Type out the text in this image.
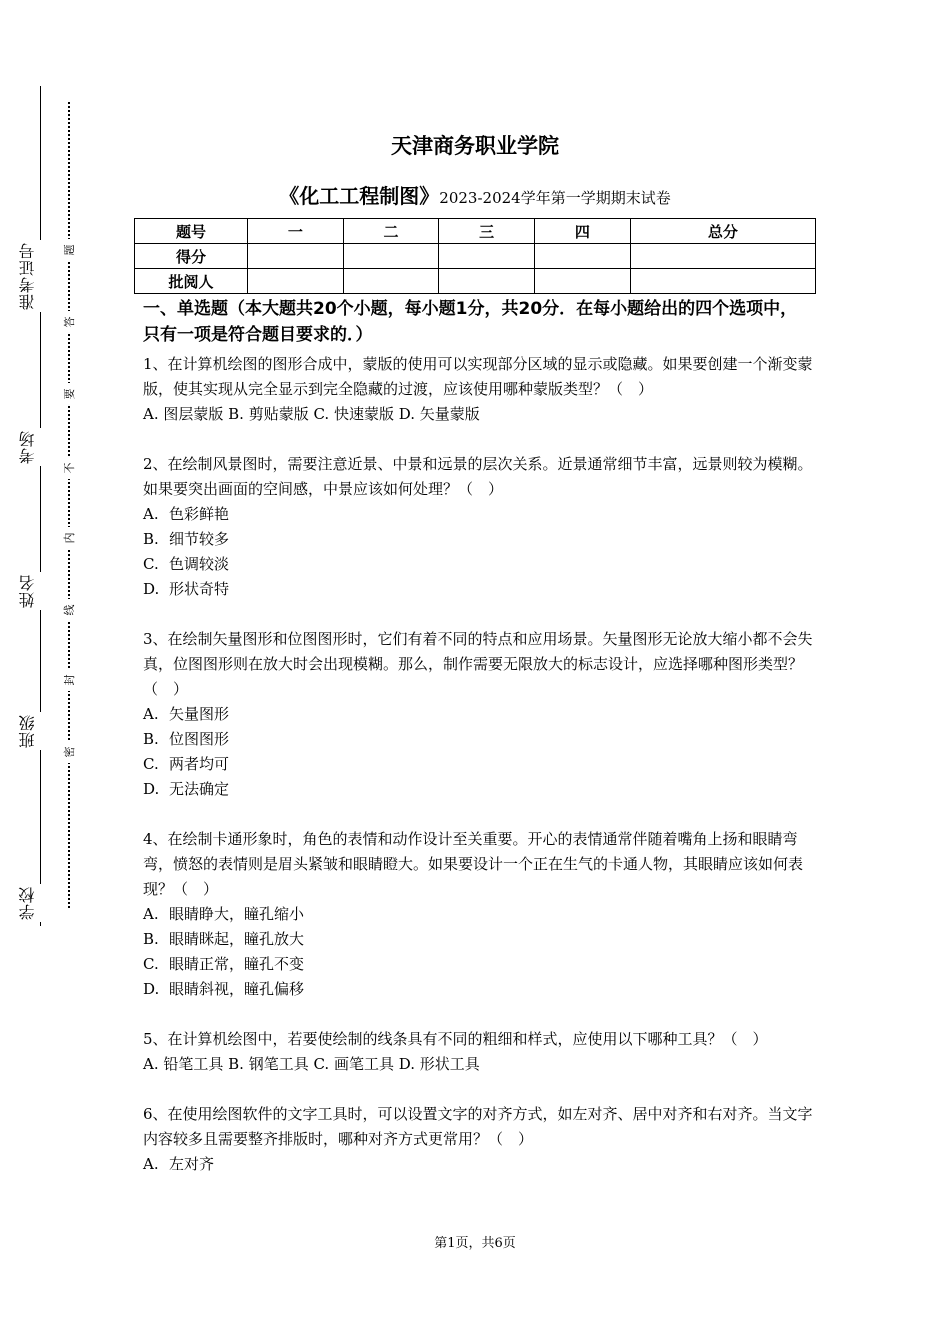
准考证号
考场
姓名
班级
学校
题
答
要
不
内
线
封
密
天津商务职业学院
《化工工程制图》2023-2024学年第一学期期末试卷
题号	一	二	三	四	总分
得分					
批阅人					

一、单选题（本大题共20个小题，每小题1分，共20分．在每小题给出的四个选项中，只有一项是符合题目要求的．）

1、在计算机绘图的图形合成中，蒙版的使用可以实现部分区域的显示或隐藏。如果要创建一个渐变蒙版，使其实现从完全显示到完全隐藏的过渡，应该使用哪种蒙版类型？（　）

A. 图层蒙版 B. 剪贴蒙版 C. 快速蒙版 D. 矢量蒙版

2、在绘制风景图时，需要注意近景、中景和远景的层次关系。近景通常细节丰富，远景则较为模糊。如果要突出画面的空间感，中景应该如何处理？（　）

A. 色彩鲜艳

B. 细节较多

C. 色调较淡

D. 形状奇特

3、在绘制矢量图形和位图图形时，它们有着不同的特点和应用场景。矢量图形无论放大缩小都不会失真，位图图形则在放大时会出现模糊。那么，制作需要无限放大的标志设计，应选择哪种图形类型？（　）

A. 矢量图形

B. 位图图形

C. 两者均可

D. 无法确定

4、在绘制卡通形象时，角色的表情和动作设计至关重要。开心的表情通常伴随着嘴角上扬和眼睛弯弯，愤怒的表情则是眉头紧皱和眼睛瞪大。如果要设计一个正在生气的卡通人物，其眼睛应该如何表现？（　）

A. 眼睛睁大，瞳孔缩小

B. 眼睛眯起，瞳孔放大

C. 眼睛正常，瞳孔不变

D. 眼睛斜视，瞳孔偏移

5、在计算机绘图中，若要使绘制的线条具有不同的粗细和样式，应使用以下哪种工具？（　）

A. 铅笔工具 B. 钢笔工具 C. 画笔工具 D. 形状工具

6、在使用绘图软件的文字工具时，可以设置文字的对齐方式，如左对齐、居中对齐和右对齐。当文字内容较多且需要整齐排版时，哪种对齐方式更常用？（　）

A. 左对齐

第1页，共6页
